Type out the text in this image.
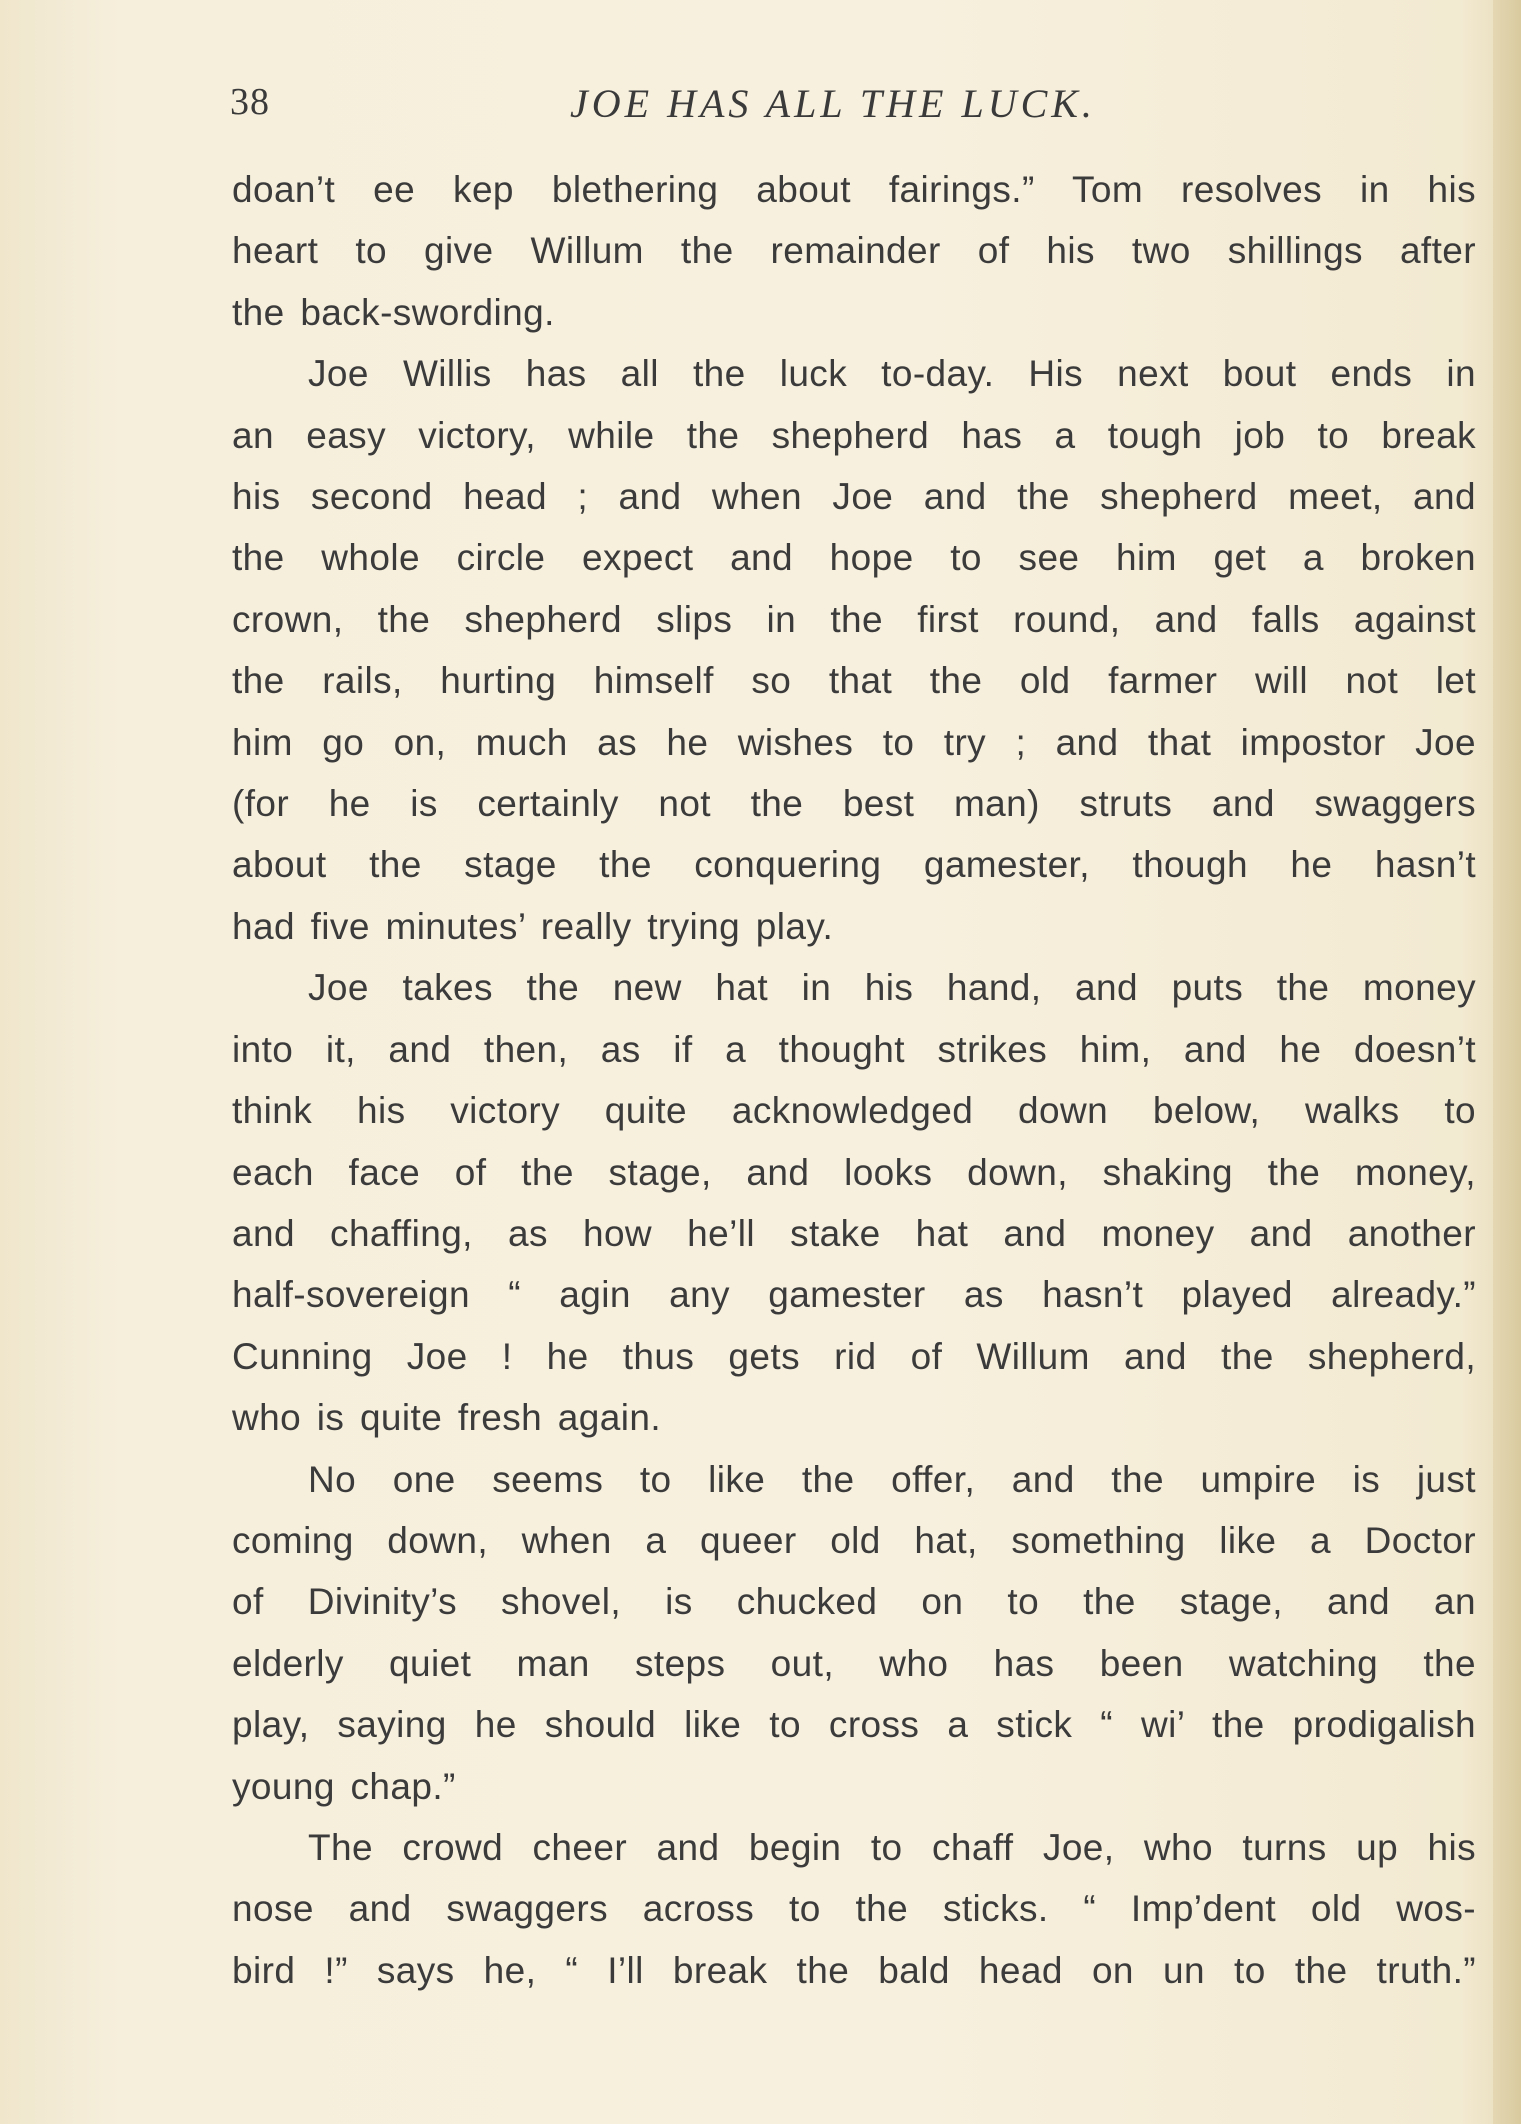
38	JOE HAS ALL THE LUCK.
doan’t ee kep blethering about fairings.” Tom resolves in his
heart to give Willum the remainder of his two shillings after
the back-swording.
Joe Willis has all the luck to-day. His next bout ends in
an easy victory, while the shepherd has a tough job to break
his second head ; and when Joe and the shepherd meet, and
the whole circle expect and hope to see him get a broken
crown, the shepherd slips in the first round, and falls against
the rails, hurting himself so that the old farmer will not let
him go on, much as he wishes to try ; and that impostor Joe
(for he is certainly not the best man) struts and swaggers
about the stage the conquering gamester, though he hasn’t
had five minutes’ really trying play.
Joe takes the new hat in his hand, and puts the money
into it, and then, as if a thought strikes him, and he doesn’t
think his victory quite acknowledged down below, walks to
each face of the stage, and looks down, shaking the money,
and chaffing, as how he’ll stake hat and money and another
half-sovereign “ agin any gamester as hasn’t played already.”
Cunning Joe ! he thus gets rid of Willum and the shepherd,
who is quite fresh again.
No one seems to like the offer, and the umpire is just
coming down, when a queer old hat, something like a Doctor
of Divinity’s shovel, is chucked on to the stage, and an
elderly quiet man steps out, who has been watching the
play, saying he should like to cross a stick “ wi’ the prodigalish
young chap.”
The crowd cheer and begin to chaff Joe, who turns up his
nose and swaggers across to the sticks. “ Imp’dent old wos-
bird !” says he, “ I’ll break the bald head on un to the truth.”
